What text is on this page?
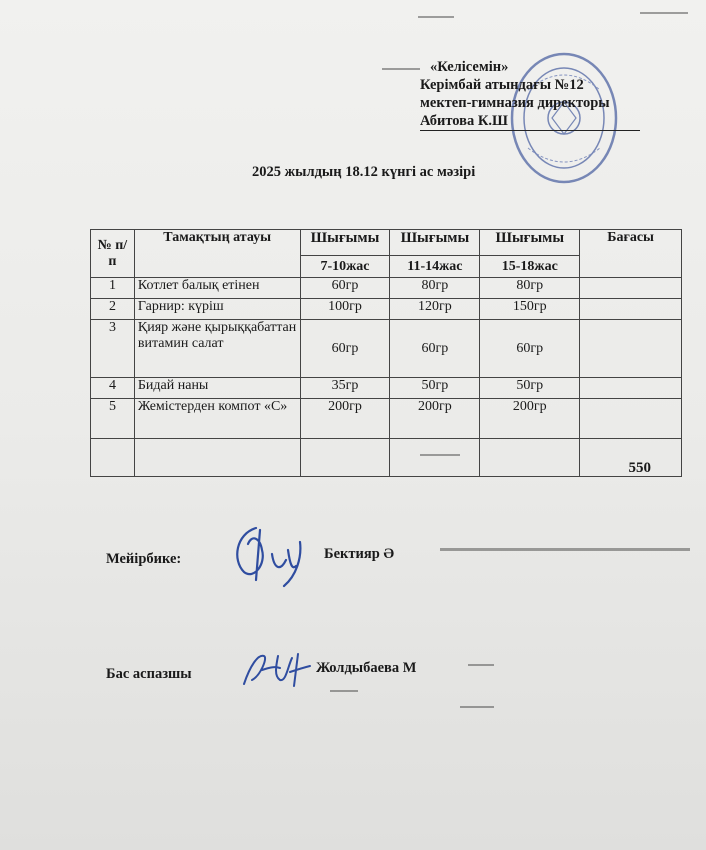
«Келісемін»
Керімбай атындағы №12
мектеп-гимназия директоры
Абитова К.Ш
2025 жылдың 18.12 күнгі ас мәзірі
№ п/п	Тамақтың атауы	Шығымы	Шығымы	Шығымы	Бағасы
		7-10жас	11-14жас	15-18жас	
1	Котлет балық етінен	60гр	80гр	80гр	
2	Гарнир: күріш	100гр	120гр	150гр	
3	Қияр және қырыққабаттан витамин салат	60гр	60гр	60гр	
4	Бидай наны	35гр	50гр	50гр	
5	Жемістерден компот «С»	200гр	200гр	200гр	
					550
Мейірбике:	Бектияр Ә
Бас аспазшы	Жолдыбаева М
